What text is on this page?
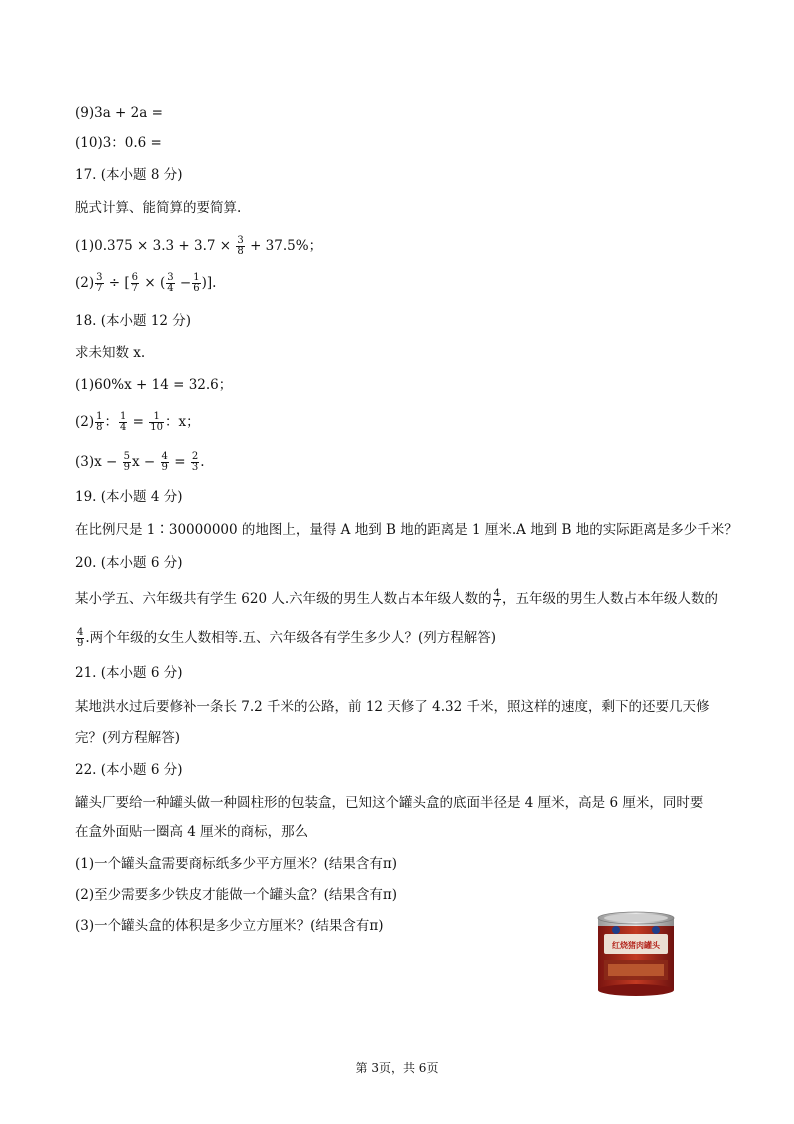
(9)3a + 2a =
(10)3：0.6 =
17. (本小题 8 分)
脱式计算、能简算的要简算.
$(1)0.375 \times 3.3 + 3.7 \times \frac{3}{8} + 37.5\%$；
$(2) \frac{3}{7}$ ÷ [ $\frac{6}{7}$ × ( $\frac{3}{4} - \frac{1}{6}$ )].
18. (本小题 12 分)
求未知数 x.
(1)60%x + 14 = 32.6；
$(2) \frac{1}{8}$ ： $\frac{1}{4} = \frac{1}{10}$ ：x；
$(3)x - \frac{5}{9}$ $x - \frac{4}{9} = \frac{2}{3}$ .
19. (本小题 4 分)
在比例尺是 1∶30000000 的地图上，量得 A 地到 B 地的距离是 1 厘米.A 地到 B 地的实际距离是多少千米？
20. (本小题 6 分)
某小学五、六年级共有学生 620 人.六年级的男生人数占本年级人数的 $\frac{4}{7}$ ，五年级的男生人数占本年级人数的
$\frac{4}{9}$ .两个年级的女生人数相等.五、六年级各有学生多少人？(列方程解答)
21. (本小题 6 分)
某地洪水过后要修补一条长 7.2 千米的公路，前 12 天修了 4.32 千米，照这样的速度，剩下的还要几天修
完？(列方程解答)
22. (本小题 6 分)
罐头厂要给一种罐头做一种圆柱形的包装盒，已知这个罐头盒的底面半径是 4 厘米，高是 6 厘米，同时要
在盒外面贴一圈高 4 厘米的商标，那么
(1)一个罐头盒需要商标纸多少平方厘米？(结果含有π)
(2)至少需要多少铁皮才能做一个罐头盒？(结果含有π)
(3)一个罐头盒的体积是多少立方厘米？(结果含有π)
红烧猪肉罐头
第 3页，共 6页
